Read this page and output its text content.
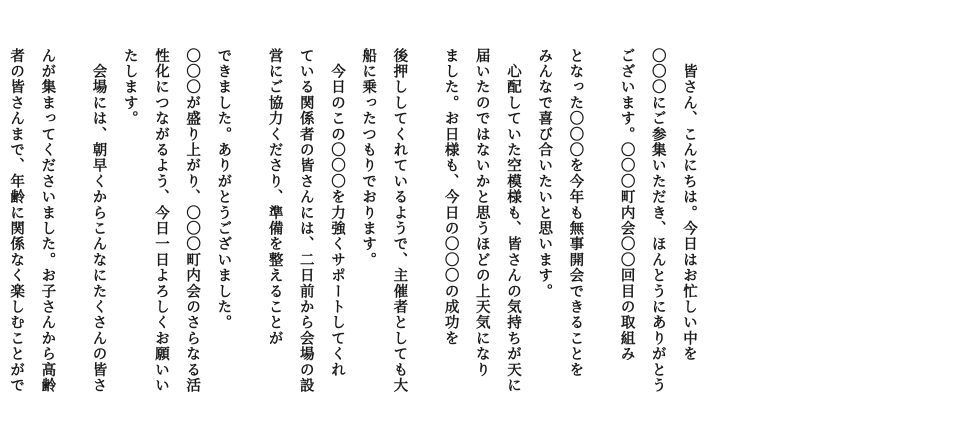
　皆さん、こんにちは。今日はお忙しい中を
〇〇〇にご参集いただき、ほんとうにありがとう
ございます。〇〇〇町内会〇〇回目の取組み
となった〇〇〇を今年も無事開会できることを
みんなで喜び合いたいと思います。
　心配していた空模様も、皆さんの気持ちが天に
届いたのではないかと思うほどの上天気になり
ました。お日様も、今日の〇〇〇の成功を
後押ししてくれているようで、主催者としても大
船に乗ったつもりでおります。
　今日のこの〇〇〇を力強くサポートしてくれ
ている関係者の皆さんには、二日前から会場の設
営にご協力くださり、準備を整えることが
できました。ありがとうございました。
〇〇〇が盛り上がり、〇〇〇町内会のさらなる活
性化につながるよう、今日一日よろしくお願いい
たします。
　会場には、朝早くからこんなにたくさんの皆さ
んが集まってくださいました。お子さんから高齢
者の皆さんまで、年齢に関係なく楽しむことがで
